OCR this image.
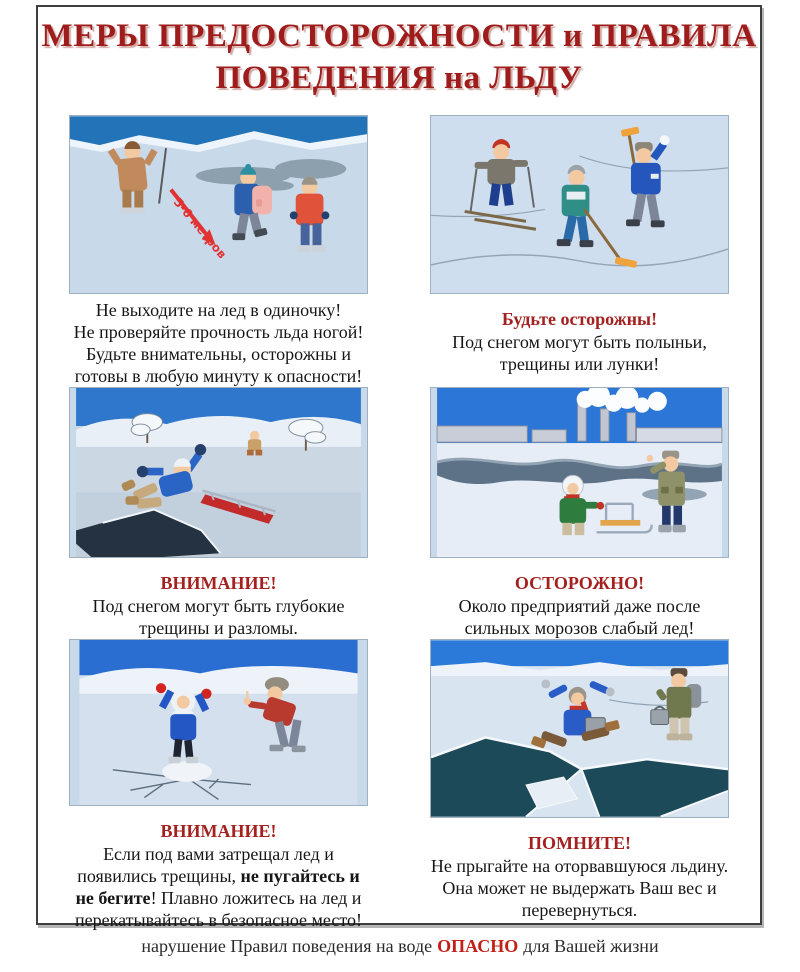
МЕРЫ ПРЕДОСТОРОЖНОСТИ и ПРАВИЛА
ПОВЕДЕНИЯ на ЛЬДУ
5-6 метров
Не выходите на лед в одиночку!
Не проверяйте прочность льда ногой!
Будьте внимательны, осторожны и
готовы в любую минуту к опасности!
Будьте осторожны!
Под снегом могут быть полыньи,
трещины или лунки!
ВНИМАНИЕ!
Под снегом могут быть глубокие
трещины и разломы.
ОСТОРОЖНО!
Около предприятий даже после
сильных морозов слабый лед!
ВНИМАНИЕ!
Если под вами затрещал лед и
появились трещины, не пугайтесь и
не бегите! Плавно ложитесь на лед и
перекатывайтесь в безопасное место!
ПОМНИТЕ!
Не прыгайте на оторвавшуюся льдину.
Она может не выдержать Ваш вес и
перевернуться.
нарушение Правил поведения на воде ОПАСНО для Вашей жизни
